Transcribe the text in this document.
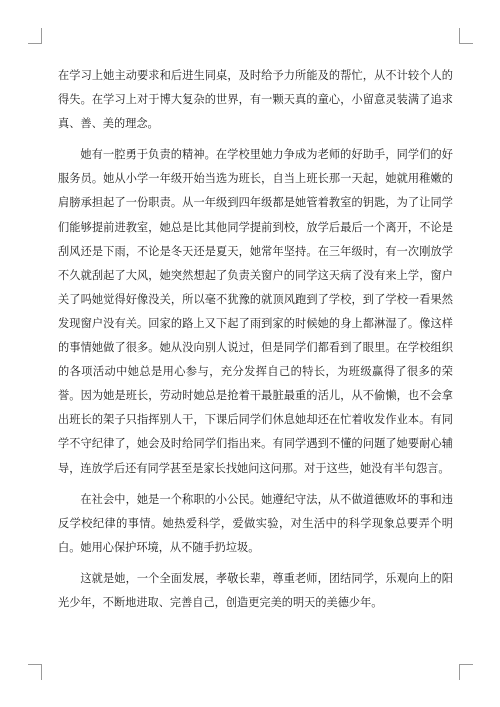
在学习上她主动要求和后进生同桌，及时给予力所能及的帮忙，从不计较个人的得失。在学习上对于博大复杂的世界，有一颗天真的童心，小留意灵装满了追求真、善、美的理念。

她有一腔勇于负责的精神。在学校里她力争成为老师的好助手，同学们的好服务员。她从小学一年级开始当选为班长，自当上班长那一天起，她就用稚嫩的肩膀承担起了一份职责。从一年级到四年级都是她管着教室的钥匙，为了让同学们能够提前进教室，她总是比其他同学提前到校，放学后最后一个离开，不论是刮风还是下雨，不论是冬天还是夏天，她常年坚持。在三年级时，有一次刚放学不久就刮起了大风，她突然想起了负责关窗户的同学这天病了没有来上学，窗户关了吗她觉得好像没关，所以毫不犹豫的就顶风跑到了学校，到了学校一看果然发现窗户没有关。回家的路上又下起了雨到家的时候她的身上都淋湿了。像这样的事情她做了很多。她从没向别人说过，但是同学们都看到了眼里。在学校组织的各项活动中她总是用心参与，充分发挥自己的特长，为班级赢得了很多的荣誉。因为她是班长，劳动时她总是抢着干最脏最重的活儿，从不偷懒，也不会拿出班长的架子只指挥别人干，下课后同学们休息她却还在忙着收发作业本。有同学不守纪律了，她会及时给同学们指出来。有同学遇到不懂的问题了她要耐心辅导，连放学后还有同学甚至是家长找她问这问那。对于这些，她没有半句怨言。

在社会中，她是一个称职的小公民。她遵纪守法，从不做道德败坏的事和违反学校纪律的事情。她热爱科学，爱做实验，对生活中的科学现象总要弄个明白。她用心保护环境，从不随手扔垃圾。

这就是她，一个全面发展，孝敬长辈，尊重老师，团结同学，乐观向上的阳光少年，不断地进取、完善自己，创造更完美的明天的美德少年。
